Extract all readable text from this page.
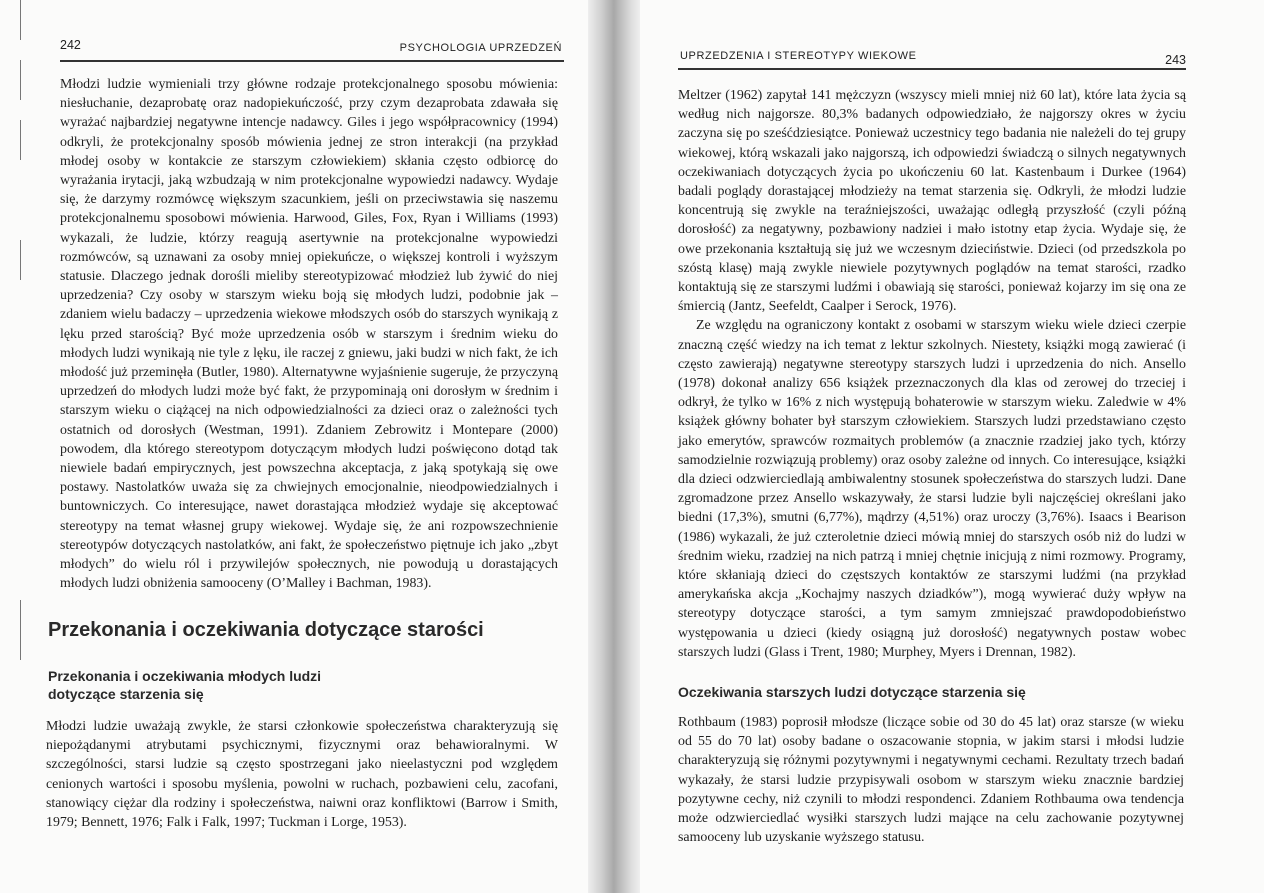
242	PSYCHOLOGIA UPRZEDZEŃ

Młodzi ludzie wymieniali trzy główne rodzaje protekcjonalnego sposobu mówienia: niesłuchanie, dezaprobatę oraz nadopiekuńczość, przy czym dezaprobata zdawała się wyrażać najbardziej negatywne intencje nadawcy. Giles i jego współpracownicy (1994) odkryli, że protekcjonalny sposób mówienia jednej ze stron interakcji (na przykład młodej osoby w kontakcie ze starszym człowiekiem) skłania często odbiorcę do wyrażania irytacji, jaką wzbudzają w nim protekcjonalne wypowiedzi nadawcy. Wydaje się, że darzymy rozmówcę większym szacunkiem, jeśli on przeciwstawia się naszemu protekcjonalnemu sposobowi mówienia. Harwood, Giles, Fox, Ryan i Williams (1993) wykazali, że ludzie, którzy reagują asertywnie na protekcjonalne wypowiedzi rozmówców, są uznawani za osoby mniej opiekuńcze, o większej kontroli i wyższym statusie. Dlaczego jednak dorośli mieliby stereotypizować młodzież lub żywić do niej uprzedzenia? Czy osoby w starszym wieku boją się młodych ludzi, podobnie jak – zdaniem wielu badaczy – uprzedzenia wiekowe młodszych osób do starszych wynikają z lęku przed starością? Być może uprzedzenia osób w starszym i średnim wieku do młodych ludzi wynikają nie tyle z lęku, ile raczej z gniewu, jaki budzi w nich fakt, że ich młodość już przeminęła (Butler, 1980). Alternatywne wyjaśnienie sugeruje, że przyczyną uprzedzeń do młodych ludzi może być fakt, że przypominają oni dorosłym w średnim i starszym wieku o ciążącej na nich odpowiedzialności za dzieci oraz o zależności tych ostatnich od dorosłych (Westman, 1991). Zdaniem Zebrowitz i Montepare (2000) powodem, dla którego stereotypom dotyczącym młodych ludzi poświęcono dotąd tak niewiele badań empirycznych, jest powszechna akceptacja, z jaką spotykają się owe postawy. Nastolatków uważa się za chwiejnych emocjonalnie, nieodpowiedzialnych i buntowniczych. Co interesujące, nawet dorastająca młodzież wydaje się akceptować stereotypy na temat własnej grupy wiekowej. Wydaje się, że ani rozpowszechnienie stereotypów dotyczących nastolatków, ani fakt, że społeczeństwo piętnuje ich jako „zbyt młodych” do wielu ról i przywilejów społecznych, nie powodują u dorastających młodych ludzi obniżenia samooceny (O’Malley i Bachman, 1983).

Przekonania i oczekiwania dotyczące starości
Przekonania i oczekiwania młodych ludzi dotyczące starzenia się

Młodzi ludzie uważają zwykle, że starsi członkowie społeczeństwa charakteryzują się niepożądanymi atrybutami psychicznymi, fizycznymi oraz behawioralnymi. W szczególności, starsi ludzie są często spostrzegani jako nieelastyczni pod względem cenionych wartości i sposobu myślenia, powolni w ruchach, pozbawieni celu, zacofani, stanowiący ciężar dla rodziny i społeczeństwa, naiwni oraz konfliktowi (Barrow i Smith, 1979; Bennett, 1976; Falk i Falk, 1997; Tuckman i Lorge, 1953).

UPRZEDZENIA I STEREOTYPY WIEKOWE	243

Meltzer (1962) zapytał 141 mężczyzn (wszyscy mieli mniej niż 60 lat), które lata życia są według nich najgorsze. 80,3% badanych odpowiedziało, że najgorszy okres w życiu zaczyna się po sześćdziesiątce. Ponieważ uczestnicy tego badania nie należeli do tej grupy wiekowej, którą wskazali jako najgorszą, ich odpowiedzi świadczą o silnych negatywnych oczekiwaniach dotyczących życia po ukończeniu 60 lat. Kastenbaum i Durkee (1964) badali poglądy dorastającej młodzieży na temat starzenia się. Odkryli, że młodzi ludzie koncentrują się zwykle na teraźniejszości, uważając odległą przyszłość (czyli późną dorosłość) za negatywny, pozbawiony nadziei i mało istotny etap życia. Wydaje się, że owe przekonania kształtują się już we wczesnym dzieciństwie. Dzieci (od przedszkola po szóstą klasę) mają zwykle niewiele pozytywnych poglądów na temat starości, rzadko kontaktują się ze starszymi ludźmi i obawiają się starości, ponieważ kojarzy im się ona ze śmiercią (Jantz, Seefeldt, Caalper i Serock, 1976).

Ze względu na ograniczony kontakt z osobami w starszym wieku wiele dzieci czerpie znaczną część wiedzy na ich temat z lektur szkolnych. Niestety, książki mogą zawierać (i często zawierają) negatywne stereotypy starszych ludzi i uprzedzenia do nich. Ansello (1978) dokonał analizy 656 książek przeznaczonych dla klas od zerowej do trzeciej i odkrył, że tylko w 16% z nich występują bohaterowie w starszym wieku. Zaledwie w 4% książek główny bohater był starszym człowiekiem. Starszych ludzi przedstawiano często jako emerytów, sprawców rozmaitych problemów (a znacznie rzadziej jako tych, którzy samodzielnie rozwiązują problemy) oraz osoby zależne od innych. Co interesujące, książki dla dzieci odzwierciedlają ambiwalentny stosunek społeczeństwa do starszych ludzi. Dane zgromadzone przez Ansello wskazywały, że starsi ludzie byli najczęściej określani jako biedni (17,3%), smutni (6,77%), mądrzy (4,51%) oraz uroczy (3,76%). Isaacs i Bearison (1986) wykazali, że już czteroletnie dzieci mówią mniej do starszych osób niż do ludzi w średnim wieku, rzadziej na nich patrzą i mniej chętnie inicjują z nimi rozmowy. Programy, które skłaniają dzieci do częstszych kontaktów ze starszymi ludźmi (na przykład amerykańska akcja „Kochajmy naszych dziadków”), mogą wywierać duży wpływ na stereotypy dotyczące starości, a tym samym zmniejszać prawdopodobieństwo występowania u dzieci (kiedy osiągną już dorosłość) negatywnych postaw wobec starszych ludzi (Glass i Trent, 1980; Murphey, Myers i Drennan, 1982).

Oczekiwania starszych ludzi dotyczące starzenia się

Rothbaum (1983) poprosił młodsze (liczące sobie od 30 do 45 lat) oraz starsze (w wieku od 55 do 70 lat) osoby badane o oszacowanie stopnia, w jakim starsi i młodsi ludzie charakteryzują się różnymi pozytywnymi i negatywnymi cechami. Rezultaty trzech badań wykazały, że starsi ludzie przypisywali osobom w starszym wieku znacznie bardziej pozytywne cechy, niż czynili to młodzi respondenci. Zdaniem Rothbauma owa tendencja może odzwierciedlać wysiłki starszych ludzi mające na celu zachowanie pozytywnej samooceny lub uzyskanie wyższego statusu.
